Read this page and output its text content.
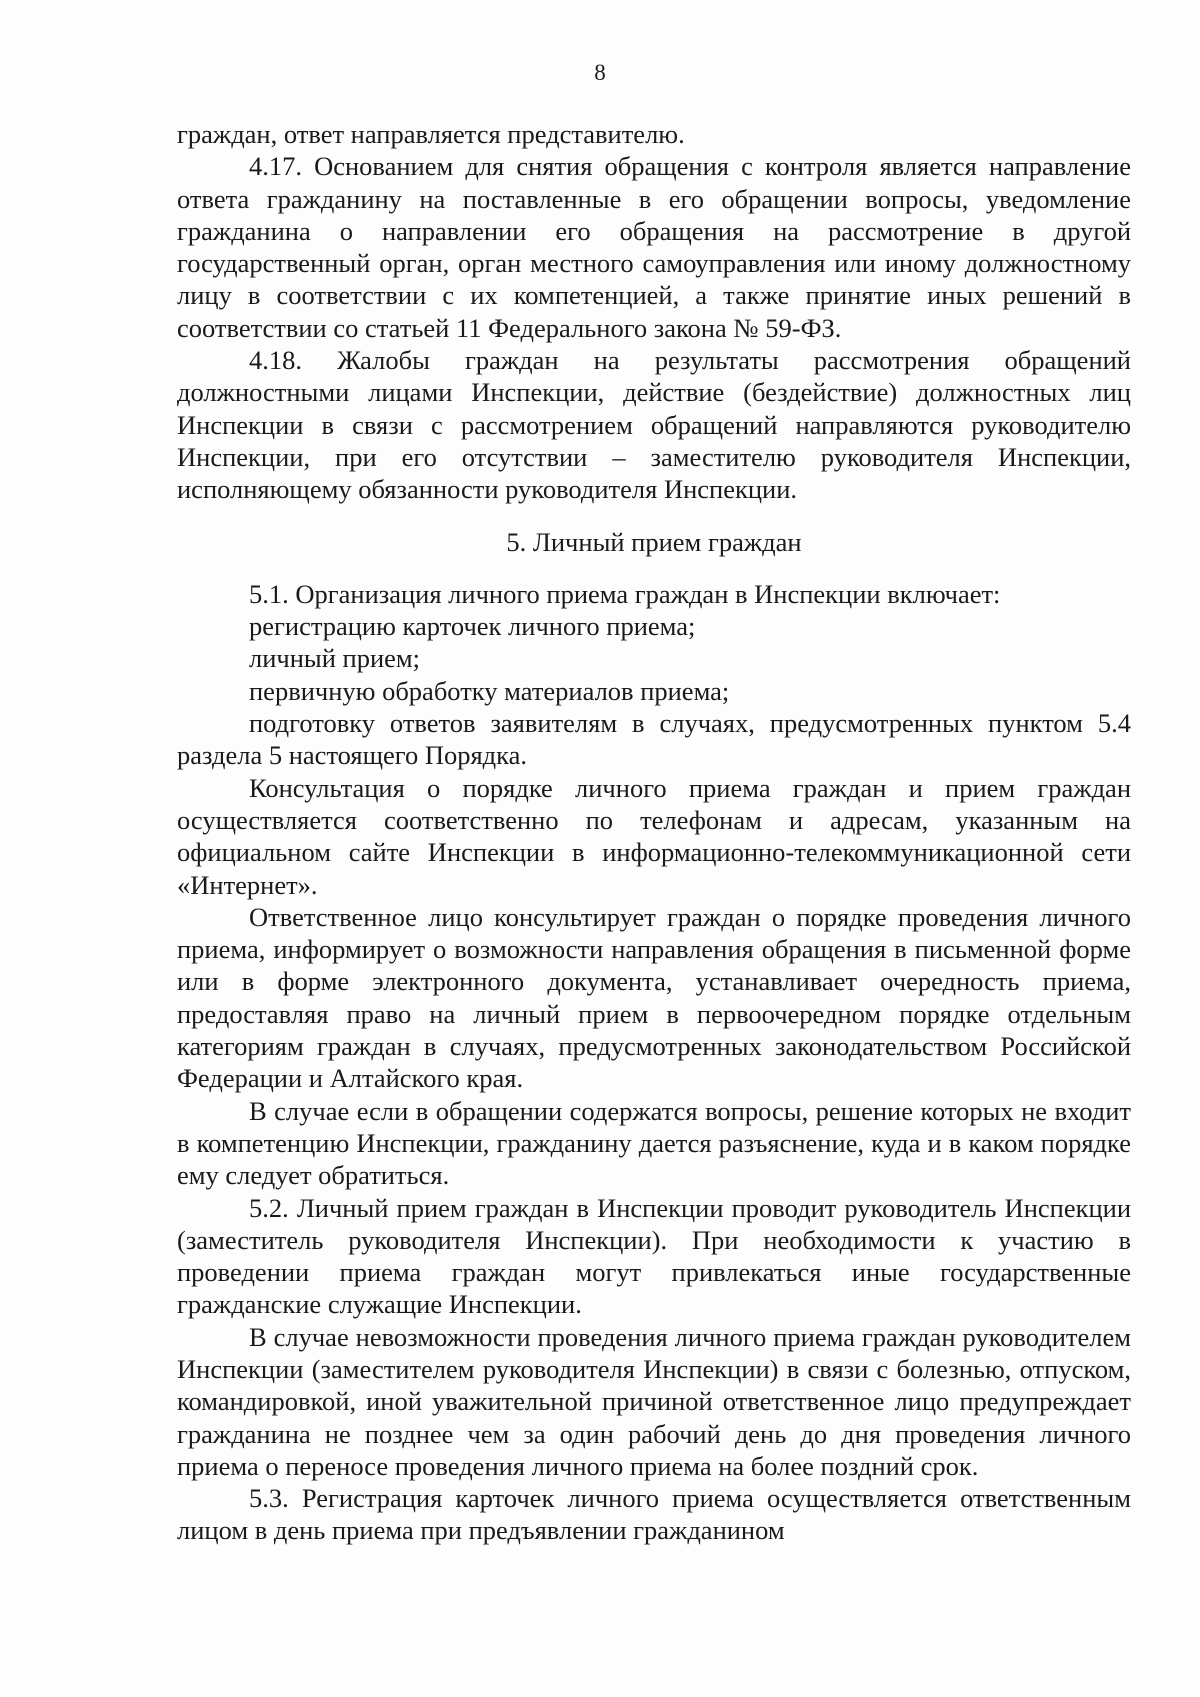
8

граждан, ответ направляется представителю.

4.17. Основанием для снятия обращения с контроля является направление ответа гражданину на поставленные в его обращении вопросы, уведомление гражданина о направлении его обращения на рассмотрение в другой государственный орган, орган местного самоуправления или иному должностному лицу в соответствии с их компетенцией, а также принятие иных решений в соответствии со статьей 11 Федерального закона № 59-ФЗ.

4.18. Жалобы граждан на результаты рассмотрения обращений должностными лицами Инспекции, действие (бездействие) должностных лиц Инспекции в связи с рассмотрением обращений направляются руководителю Инспекции, при его отсутствии – заместителю руководителя Инспекции, исполняющему обязанности руководителя Инспекции.

5. Личный прием граждан

5.1. Организация личного приема граждан в Инспекции включает:

регистрацию карточек личного приема;

личный прием;

первичную обработку материалов приема;

подготовку ответов заявителям в случаях, предусмотренных пунктом 5.4 раздела 5 настоящего Порядка.

Консультация о порядке личного приема граждан и прием граждан осуществляется соответственно по телефонам и адресам, указанным на официальном сайте Инспекции в информационно-телекоммуникационной сети «Интернет».

Ответственное лицо консультирует граждан о порядке проведения личного приема, информирует о возможности направления обращения в письменной форме или в форме электронного документа, устанавливает очередность приема, предоставляя право на личный прием в первоочередном порядке отдельным категориям граждан в случаях, предусмотренных законодательством Российской Федерации и Алтайского края.

В случае если в обращении содержатся вопросы, решение которых не входит в компетенцию Инспекции, гражданину дается разъяснение, куда и в каком порядке ему следует обратиться.

5.2. Личный прием граждан в Инспекции проводит руководитель Инспекции (заместитель руководителя Инспекции). При необходимости к участию в проведении приема граждан могут привлекаться иные государственные гражданские служащие Инспекции.

В случае невозможности проведения личного приема граждан руководителем Инспекции (заместителем руководителя Инспекции) в связи с болезнью, отпуском, командировкой, иной уважительной причиной ответственное лицо предупреждает гражданина не позднее чем за один рабочий день до дня проведения личного приема о переносе проведения личного приема на более поздний срок.

5.3. Регистрация карточек личного приема осуществляется ответственным лицом в день приема при предъявлении гражданином
